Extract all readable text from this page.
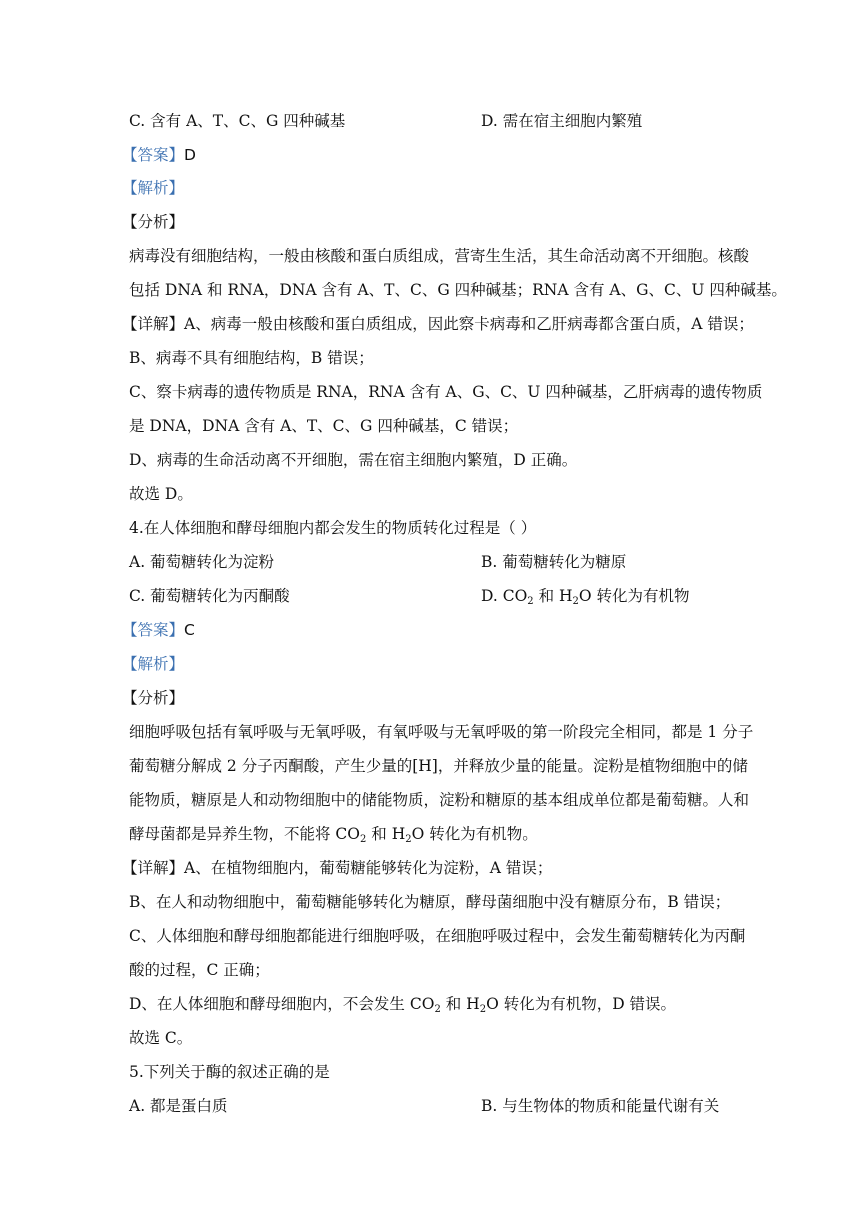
C. 含有 A、T、C、G 四种碱基	D. 需在宿主细胞内繁殖
【答案】D
【解析】
【分析】
病毒没有细胞结构，一般由核酸和蛋白质组成，营寄生生活，其生命活动离不开细胞。核酸
包括 DNA 和 RNA，DNA 含有 A、T、C、G 四种碱基；RNA 含有 A、G、C、U 四种碱基。
【详解】A、病毒一般由核酸和蛋白质组成，因此察卡病毒和乙肝病毒都含蛋白质，A 错误；
B、病毒不具有细胞结构，B 错误；
C、察卡病毒的遗传物质是 RNA，RNA 含有 A、G、C、U 四种碱基，乙肝病毒的遗传物质
是 DNA，DNA 含有 A、T、C、G 四种碱基，C 错误；
D、病毒的生命活动离不开细胞，需在宿主细胞内繁殖，D 正确。
故选 D。
4.在人体细胞和酵母细胞内都会发生的物质转化过程是（ ）
A. 葡萄糖转化为淀粉	B. 葡萄糖转化为糖原
C. 葡萄糖转化为丙酮酸	D. $CO_2$ 和 $H_2O$ 转化为有机物
【答案】C
【解析】
【分析】
细胞呼吸包括有氧呼吸与无氧呼吸，有氧呼吸与无氧呼吸的第一阶段完全相同，都是 1 分子
葡萄糖分解成 2 分子丙酮酸，产生少量的[H]，并释放少量的能量。淀粉是植物细胞中的储
能物质，糖原是人和动物细胞中的储能物质，淀粉和糖原的基本组成单位都是葡萄糖。人和
酵母菌都是异养生物，不能将 $CO_2$ 和 $H_2O$ 转化为有机物。
【详解】A、在植物细胞内，葡萄糖能够转化为淀粉，A 错误；
B、在人和动物细胞中，葡萄糖能够转化为糖原，酵母菌细胞中没有糖原分布，B 错误；
C、人体细胞和酵母细胞都能进行细胞呼吸，在细胞呼吸过程中，会发生葡萄糖转化为丙酮
酸的过程，C 正确；
D、在人体细胞和酵母细胞内，不会发生 $CO_2$ 和 $H_2O$ 转化为有机物，D 错误。
故选 C。
5.下列关于酶的叙述正确的是
A. 都是蛋白质	B. 与生物体的物质和能量代谢有关
